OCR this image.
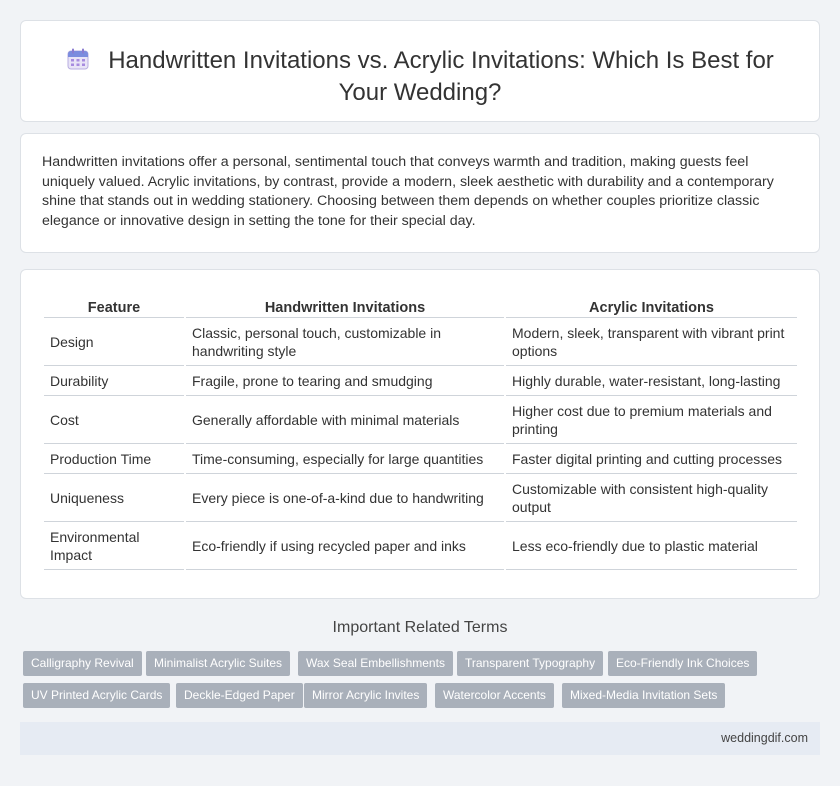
Handwritten Invitations vs. Acrylic Invitations: Which Is Best for Your Wedding?

Handwritten invitations offer a personal, sentimental touch that conveys warmth and tradition, making guests feel uniquely valued. Acrylic invitations, by contrast, provide a modern, sleek aesthetic with durability and a contemporary shine that stands out in wedding stationery. Choosing between them depends on whether couples prioritize classic elegance or innovative design in setting the tone for their special day.

Feature	Handwritten Invitations	Acrylic Invitations
Design	Classic, personal touch, customizable in handwriting style	Modern, sleek, transparent with vibrant print options
Durability	Fragile, prone to tearing and smudging	Highly durable, water-resistant, long-lasting
Cost	Generally affordable with minimal materials	Higher cost due to premium materials and printing
Production Time	Time-consuming, especially for large quantities	Faster digital printing and cutting processes
Uniqueness	Every piece is one-of-a-kind due to handwriting	Customizable with consistent high-quality output
Environmental Impact	Eco-friendly if using recycled paper and inks	Less eco-friendly due to plastic material
Important Related Terms
Calligraphy Revival	Minimalist Acrylic Suites	Wax Seal Embellishments	Transparent Typography	Eco-Friendly Ink Choices
UV Printed Acrylic Cards	Deckle-Edged Paper	Mirror Acrylic Invites	Watercolor Accents	Mixed-Media Invitation Sets
weddingdif.com
